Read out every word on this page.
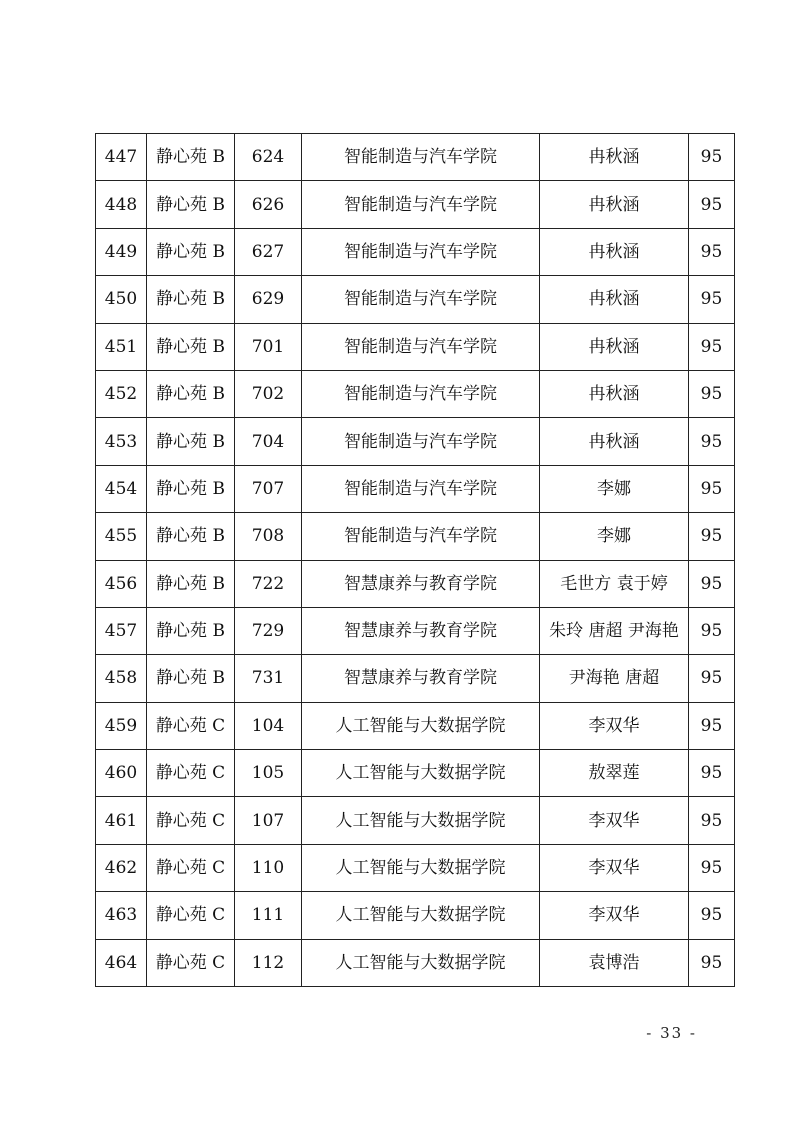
447	静心苑 B	624	智能制造与汽车学院	冉秋涵	95
448	静心苑 B	626	智能制造与汽车学院	冉秋涵	95
449	静心苑 B	627	智能制造与汽车学院	冉秋涵	95
450	静心苑 B	629	智能制造与汽车学院	冉秋涵	95
451	静心苑 B	701	智能制造与汽车学院	冉秋涵	95
452	静心苑 B	702	智能制造与汽车学院	冉秋涵	95
453	静心苑 B	704	智能制造与汽车学院	冉秋涵	95
454	静心苑 B	707	智能制造与汽车学院	李娜	95
455	静心苑 B	708	智能制造与汽车学院	李娜	95
456	静心苑 B	722	智慧康养与教育学院	毛世方 袁于婷	95
457	静心苑 B	729	智慧康养与教育学院	朱玲 唐超 尹海艳	95
458	静心苑 B	731	智慧康养与教育学院	尹海艳 唐超	95
459	静心苑 C	104	人工智能与大数据学院	李双华	95
460	静心苑 C	105	人工智能与大数据学院	敖翠莲	95
461	静心苑 C	107	人工智能与大数据学院	李双华	95
462	静心苑 C	110	人工智能与大数据学院	李双华	95
463	静心苑 C	111	人工智能与大数据学院	李双华	95
464	静心苑 C	112	人工智能与大数据学院	袁博浩	95
- 33 -
